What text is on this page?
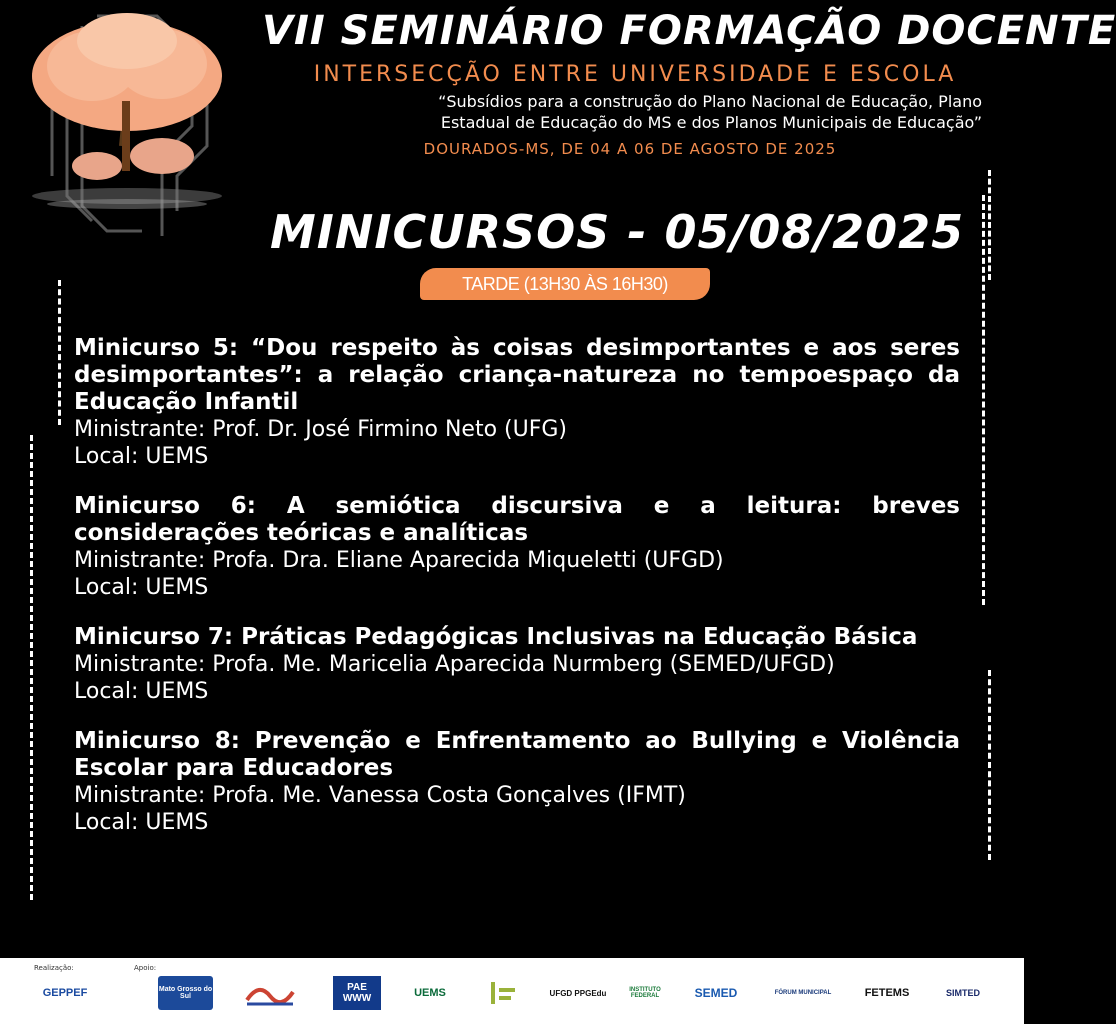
VII SEMINÁRIO FORMAÇÃO DOCENTE
INTERSECÇÃO ENTRE UNIVERSIDADE E ESCOLA
“Subsídios para a construção do Plano Nacional de Educação, Plano
Estadual de Educação do MS e dos Planos Municipais de Educação”
DOURADOS-MS, DE 04 A 06 DE AGOSTO DE 2025
MINICURSOS - 05/08/2025
TARDE (13H30 ÀS 16H30)
Minicurso 5: “Dou respeito às coisas desimportantes e aos seres desimportantes”: a relação criança-natureza no tempoespaço da Educação Infantil
Ministrante: Prof. Dr. José Firmino Neto (UFG)
Local: UEMS
Minicurso 6: A semiótica discursiva e a leitura: breves considerações teóricas e analíticas
Ministrante: Profa. Dra. Eliane Aparecida Miqueletti (UFGD)
Local: UEMS
Minicurso 7: Práticas Pedagógicas Inclusivas na Educação Básica
Ministrante: Profa. Me. Maricelia Aparecida Nurmberg (SEMED/UFGD)
Local: UEMS
Minicurso 8: Prevenção e Enfrentamento ao Bullying e Violência Escolar para Educadores
Ministrante: Profa. Me. Vanessa Costa Gonçalves (IFMT)
Local: UEMS
Realização:	Apoio:
GEPPEF	Mato Grosso do Sul
PAE WWW	UEMS	UFGD PPGEdu	INSTITUTO FEDERAL	SEMED	FÓRUM MUNICIPAL	FETEMS	SIMTED
